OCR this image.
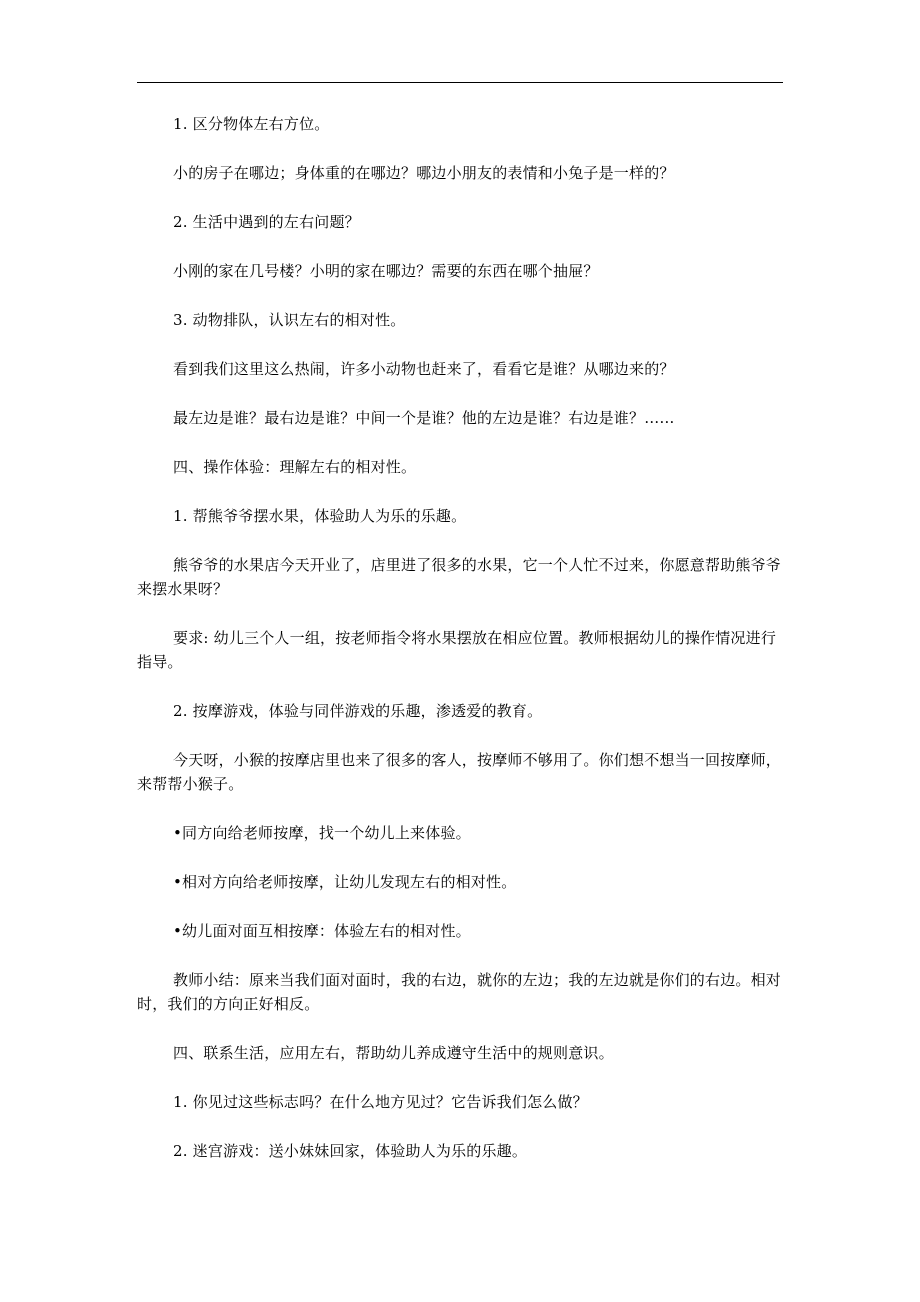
1. 区分物体左右方位。

小的房子在哪边；身体重的在哪边？哪边小朋友的表情和小兔子是一样的？

2. 生活中遇到的左右问题？

小刚的家在几号楼？小明的家在哪边？需要的东西在哪个抽屉？

3. 动物排队，认识左右的相对性。

看到我们这里这么热闹，许多小动物也赶来了，看看它是谁？从哪边来的？

最左边是谁？最右边是谁？中间一个是谁？他的左边是谁？右边是谁？……

四、操作体验：理解左右的相对性。

1. 帮熊爷爷摆水果，体验助人为乐的乐趣。

熊爷爷的水果店今天开业了，店里进了很多的水果，它一个人忙不过来，你愿意帮助熊爷爷来摆水果呀？

要求: 幼儿三个人一组，按老师指令将水果摆放在相应位置。教师根据幼儿的操作情况进行指导。

2. 按摩游戏，体验与同伴游戏的乐趣，渗透爱的教育。

今天呀，小猴的按摩店里也来了很多的客人，按摩师不够用了。你们想不想当一回按摩师，来帮帮小猴子。

•同方向给老师按摩，找一个幼儿上来体验。

•相对方向给老师按摩，让幼儿发现左右的相对性。

•幼儿面对面互相按摩：体验左右的相对性。

教师小结：原来当我们面对面时，我的右边，就你的左边；我的左边就是你们的右边。相对时，我们的方向正好相反。

四、联系生活，应用左右，帮助幼儿养成遵守生活中的规则意识。

1. 你见过这些标志吗？在什么地方见过？它告诉我们怎么做？

2. 迷宫游戏：送小妹妹回家，体验助人为乐的乐趣。
